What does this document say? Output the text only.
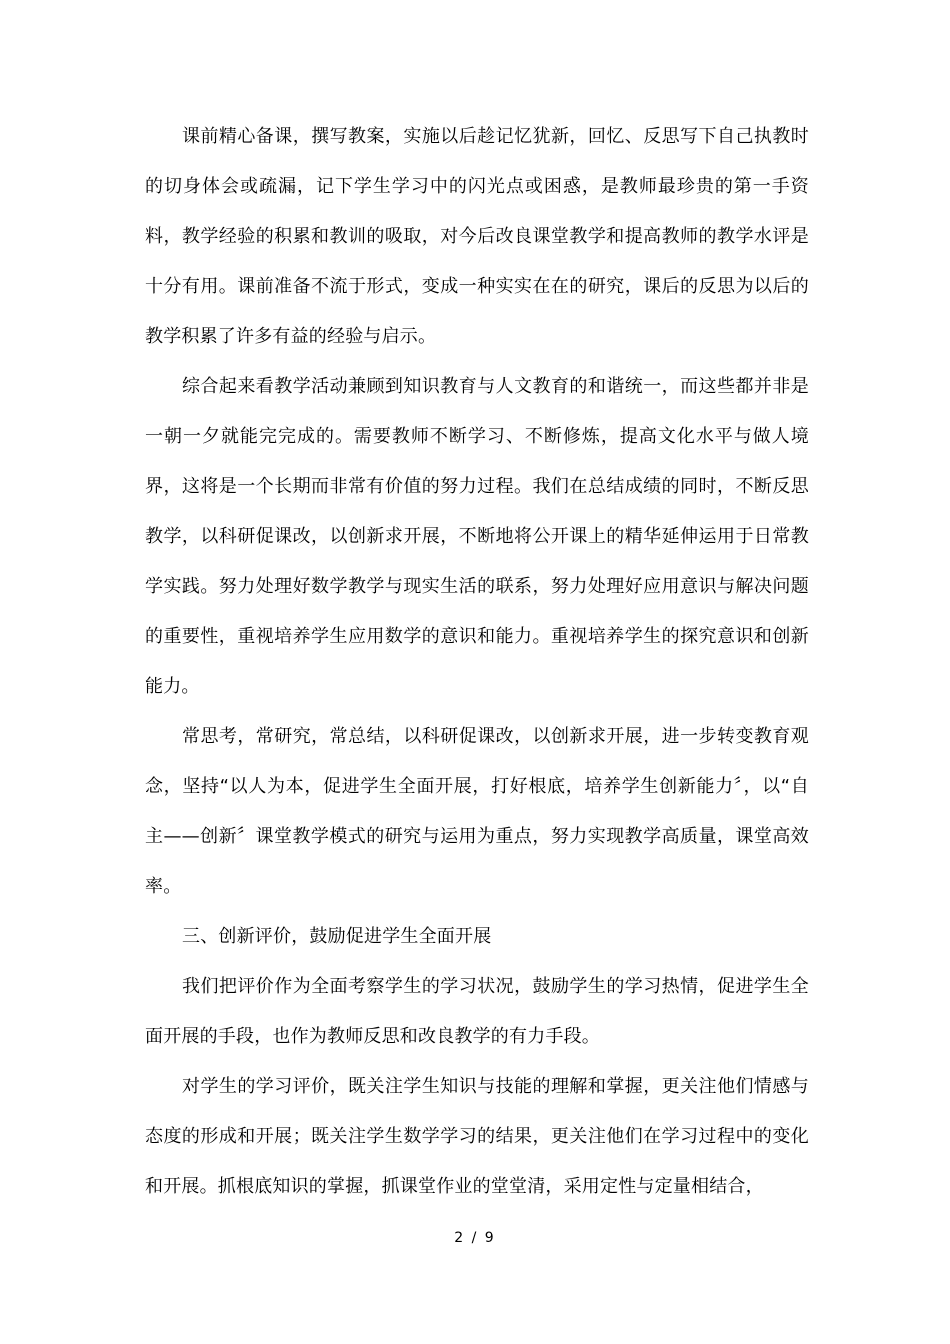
课前精心备课，撰写教案，实施以后趁记忆犹新，回忆、反思写下自己执教时的切身体会或疏漏，记下学生学习中的闪光点或困惑，是教师最珍贵的第一手资料，教学经验的积累和教训的吸取，对今后改良课堂教学和提高教师的教学水评是十分有用。课前准备不流于形式，变成一种实实在在的研究，课后的反思为以后的教学积累了许多有益的经验与启示。

综合起来看教学活动兼顾到知识教育与人文教育的和谐统一，而这些都并非是一朝一夕就能完完成的。需要教师不断学习、不断修炼，提高文化水平与做人境界，这将是一个长期而非常有价值的努力过程。我们在总结成绩的同时，不断反思教学，以科研促课改，以创新求开展，不断地将公开课上的精华延伸运用于日常教学实践。努力处理好数学教学与现实生活的联系，努力处理好应用意识与解决问题的重要性，重视培养学生应用数学的意识和能力。重视培养学生的探究意识和创新能力。

常思考，常研究，常总结，以科研促课改，以创新求开展，进一步转变教育观念，坚持“以人为本，促进学生全面开展，打好根底，培养学生创新能力〞，以“自主——创新〞课堂教学模式的研究与运用为重点，努力实现教学高质量，课堂高效率。

三、创新评价，鼓励促进学生全面开展

我们把评价作为全面考察学生的学习状况，鼓励学生的学习热情，促进学生全面开展的手段，也作为教师反思和改良教学的有力手段。

对学生的学习评价，既关注学生知识与技能的理解和掌握，更关注他们情感与态度的形成和开展；既关注学生数学学习的结果，更关注他们在学习过程中的变化和开展。抓根底知识的掌握，抓课堂作业的堂堂清，采用定性与定量相结合，

2 / 9
